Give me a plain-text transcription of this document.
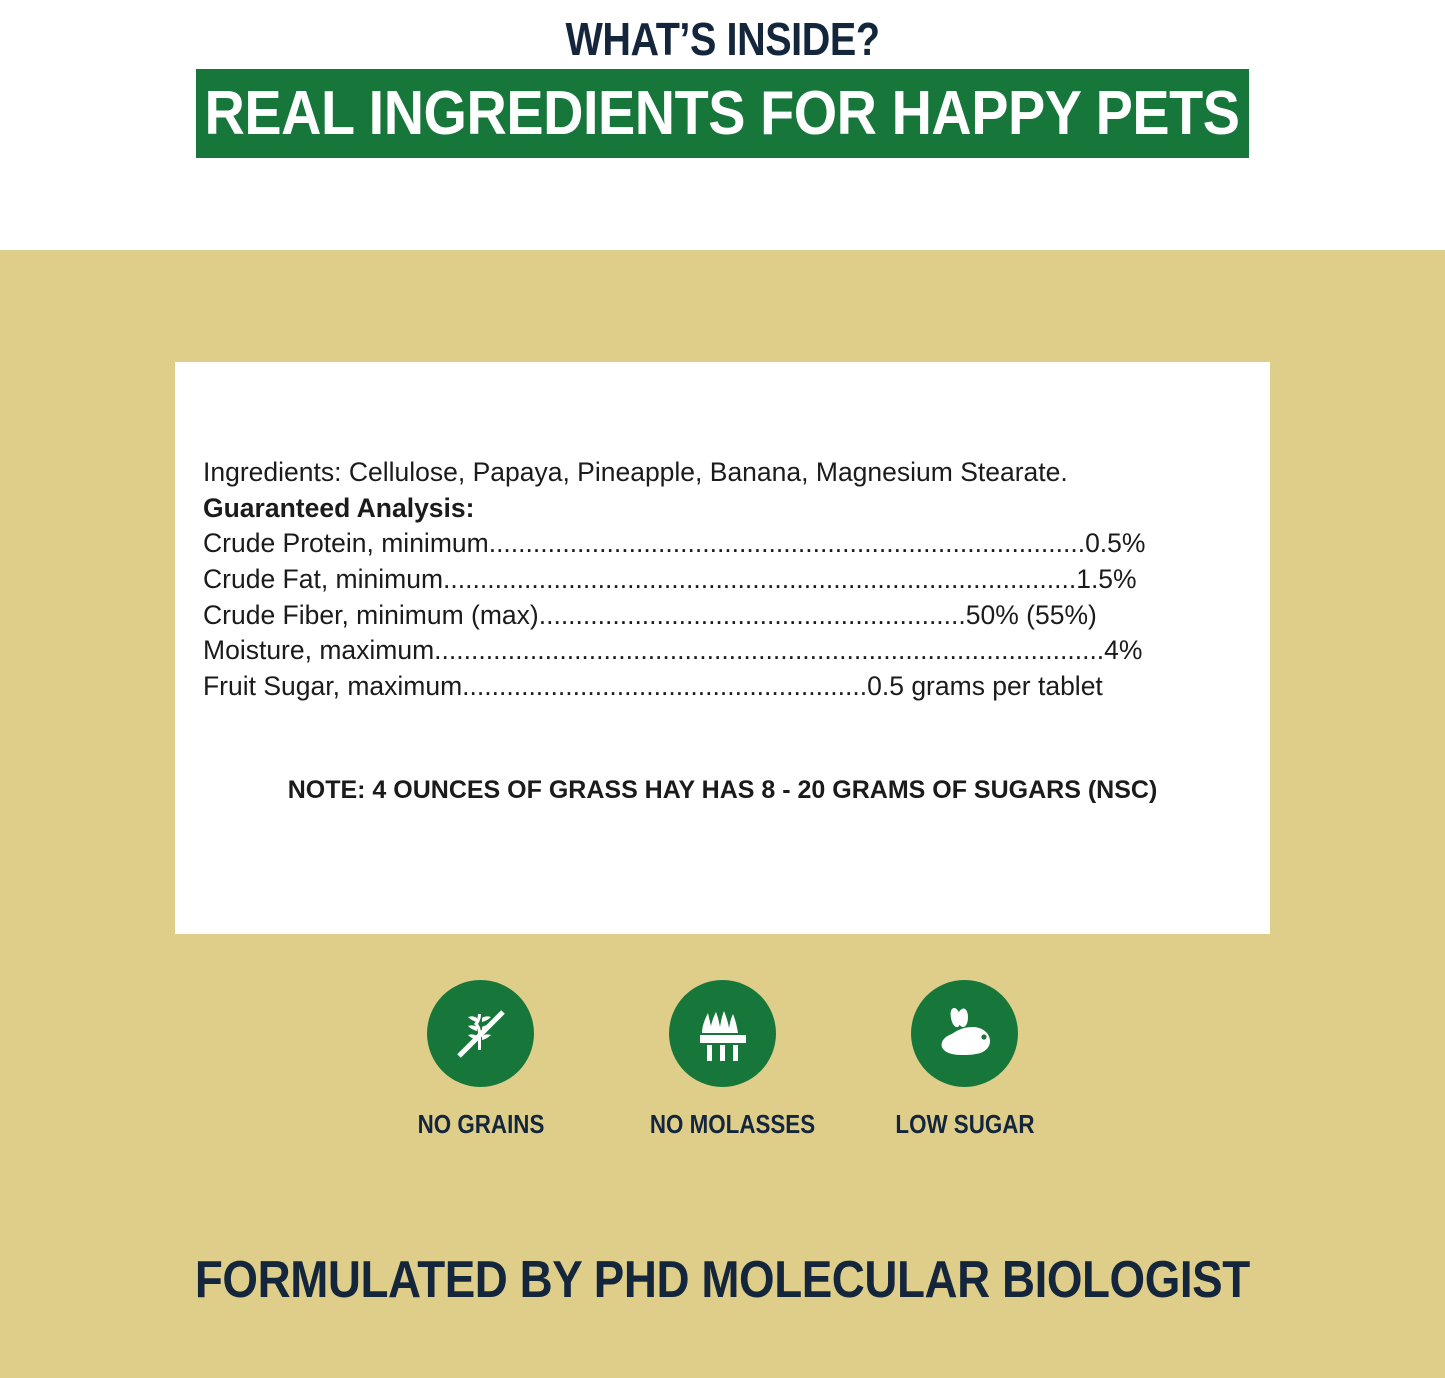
WHAT’S INSIDE?
REAL INGREDIENTS FOR HAPPY PETS
Ingredients: Cellulose, Papaya, Pineapple, Banana, Magnesium Stearate.
Guaranteed Analysis:
Crude Protein, minimum.................................................................................0.5%
Crude Fat, minimum......................................................................................1.5%
Crude Fiber, minimum (max)..........................................................50% (55%)
Moisture, maximum...........................................................................................4%
Fruit Sugar, maximum.......................................................0.5 grams per tablet
NOTE: 4 OUNCES OF GRASS HAY HAS 8 - 20 GRAMS OF SUGARS (NSC)
NO GRAINS	NO MOLASSES	LOW SUGAR
FORMULATED BY PHD MOLECULAR BIOLOGIST
